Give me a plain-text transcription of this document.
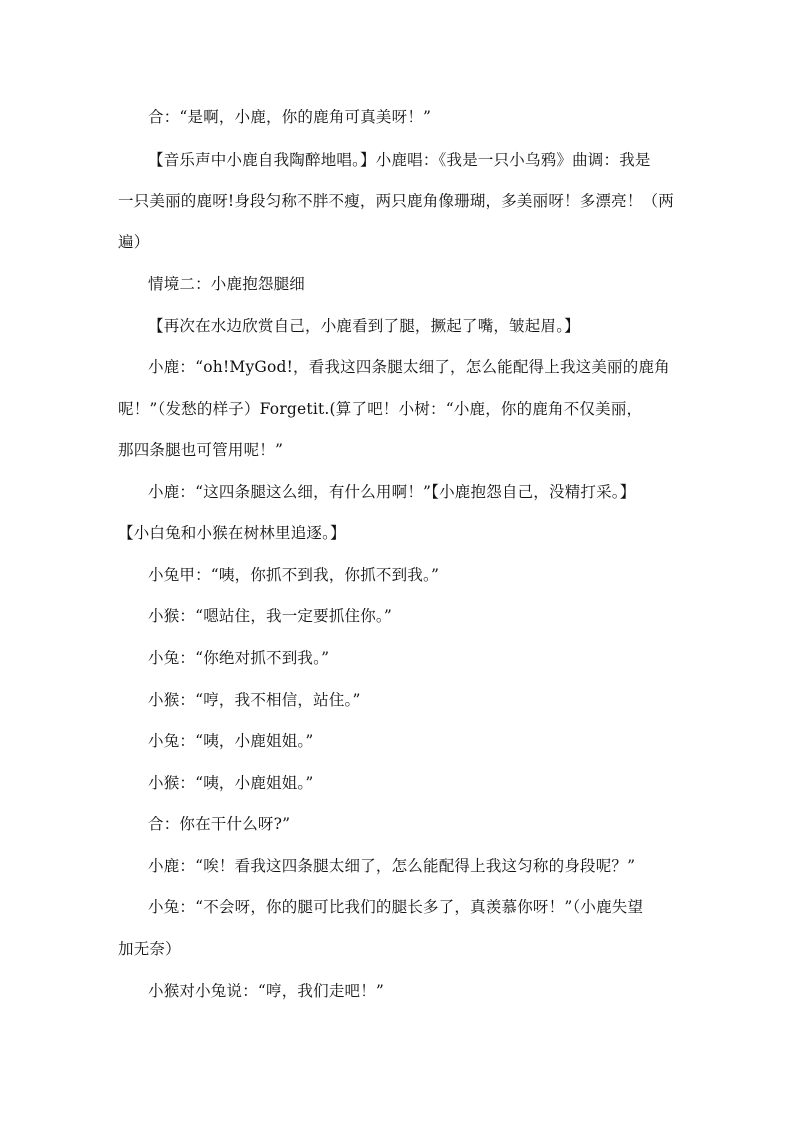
合：“是啊，小鹿，你的鹿角可真美呀！”
【音乐声中小鹿自我陶醉地唱。】小鹿唱：《我是一只小乌鸦》曲调：我是
一只美丽的鹿呀!身段匀称不胖不瘦，两只鹿角像珊瑚，多美丽呀！多漂亮！（两
遍）
情境二：小鹿抱怨腿细
【再次在水边欣赏自己，小鹿看到了腿，撅起了嘴，皱起眉。】
小鹿：“oh!MyGod!，看我这四条腿太细了，怎么能配得上我这美丽的鹿角
呢！”（发愁的样子）Forgetit.(算了吧！小树：“小鹿，你的鹿角不仅美丽，
那四条腿也可管用呢！”
小鹿：“这四条腿这么细，有什么用啊！”【小鹿抱怨自己，没精打采。】
【小白兔和小猴在树林里追逐。】
小兔甲：“咦，你抓不到我，你抓不到我。”
小猴：“嗯站住，我一定要抓住你。”
小兔：“你绝对抓不到我。”
小猴：“哼，我不相信，站住。”
小兔：“咦，小鹿姐姐。”
小猴：“咦，小鹿姐姐。”
合：你在干什么呀?”
小鹿：“唉！看我这四条腿太细了，怎么能配得上我这匀称的身段呢？”
小兔：“不会呀，你的腿可比我们的腿长多了，真羡慕你呀！”（小鹿失望
加无奈）
小猴对小兔说：“哼，我们走吧！”
